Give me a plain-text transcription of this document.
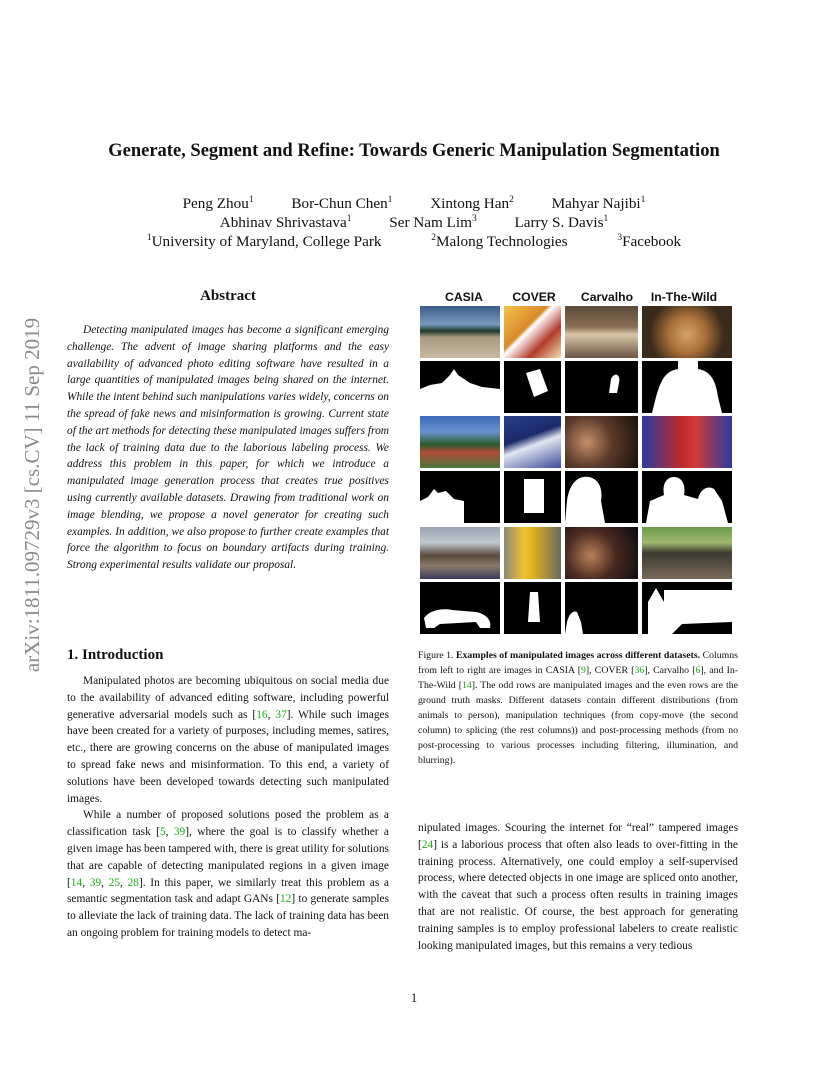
Generate, Segment and Refine: Towards Generic Manipulation Segmentation
Peng Zhou$^1$ Bor-Chun Chen$^1$ Xintong Han$^2$ Mahyar Najibi$^1$
Abhinav Shrivastava$^1$ Ser Nam Lim$^3$ Larry S. Davis$^1$
$^1$University of Maryland, College Park	$^2$Malong Technologies	$^3$Facebook
arXiv:1811.09729v3 [cs.CV] 11 Sep 2019
Abstract
Detecting manipulated images has become a significant emerging challenge. The advent of image sharing platforms and the easy availability of advanced photo editing software have resulted in a large quantities of manipulated images being shared on the internet. While the intent behind such manipulations varies widely, concerns on the spread of fake news and misinformation is growing. Current state of the art methods for detecting these manipulated images suffers from the lack of training data due to the laborious labeling process. We address this problem in this paper, for which we introduce a manipulated image generation process that creates true positives using currently available datasets. Drawing from traditional work on image blending, we propose a novel generator for creating such examples. In addition, we also propose to further create examples that force the algorithm to focus on boundary artifacts during training. Strong experimental results validate our proposal.
1. Introduction

Manipulated photos are becoming ubiquitous on social media due to the availability of advanced editing software, including powerful generative adversarial models such as [16, 37]. While such images have been created for a variety of purposes, including memes, satires, etc., there are growing concerns on the abuse of manipulated images to spread fake news and misinformation. To this end, a variety of solutions have been developed towards detecting such manipulated images.

While a number of proposed solutions posed the problem as a classification task [5, 39], where the goal is to classify whether a given image has been tampered with, there is great utility for solutions that are capable of detecting manipulated regions in a given image [14, 39, 25, 28]. In this paper, we similarly treat this problem as a semantic segmentation task and adapt GANs [12] to generate samples to alleviate the lack of training data. The lack of training data has been an ongoing problem for training models to detect ma-

CASIA	COVER	Carvalho	In-The-Wild
Figure 1. Examples of manipulated images across different datasets. Columns from left to right are images in CASIA [9], COVER [36], Carvalho [6], and In-The-Wild [14]. The odd rows are manipulated images and the even rows are the ground truth masks. Different datasets contain different distributions (from animals to person), manipulation techniques (from copy-move (the second column) to splicing (the rest columns)) and post-processing methods (from no post-processing to various processes including filtering, illumination, and blurring).
nipulated images. Scouring the internet for “real” tampered images [24] is a laborious process that often also leads to over-fitting in the training process. Alternatively, one could employ a self-supervised process, where detected objects in one image are spliced onto another, with the caveat that such a process often results in training images that are not realistic. Of course, the best approach for generating training samples is to employ professional labelers to create realistic looking manipulated images, but this remains a very tedious
1
